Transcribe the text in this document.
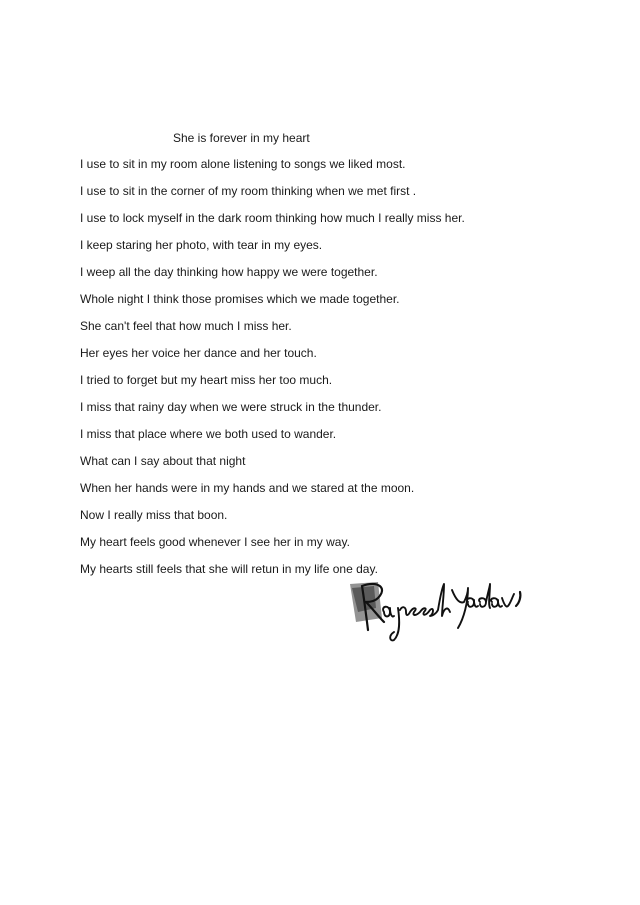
She is forever in my heart
I use to sit in my room alone listening to songs we liked most.
I use to sit in the corner of my room thinking when we met first .
I use to lock myself in the dark room thinking how much I really miss her.
I keep staring her photo, with tear in my eyes.
I weep all the day thinking how happy we were together.
Whole night I think those promises which we made together.
She can't feel that how much I miss her.
Her eyes her voice her dance and her touch.
I tried to forget but my heart miss her too much.
I miss that rainy day when we were struck in the thunder.
I miss that place where we both used to wander.
What can I say about that night
When her hands were in my hands and we stared at the moon.
Now I really miss that boon.
My heart feels good whenever I see her in my way.
My hearts still feels that she will retun in my life one day.
